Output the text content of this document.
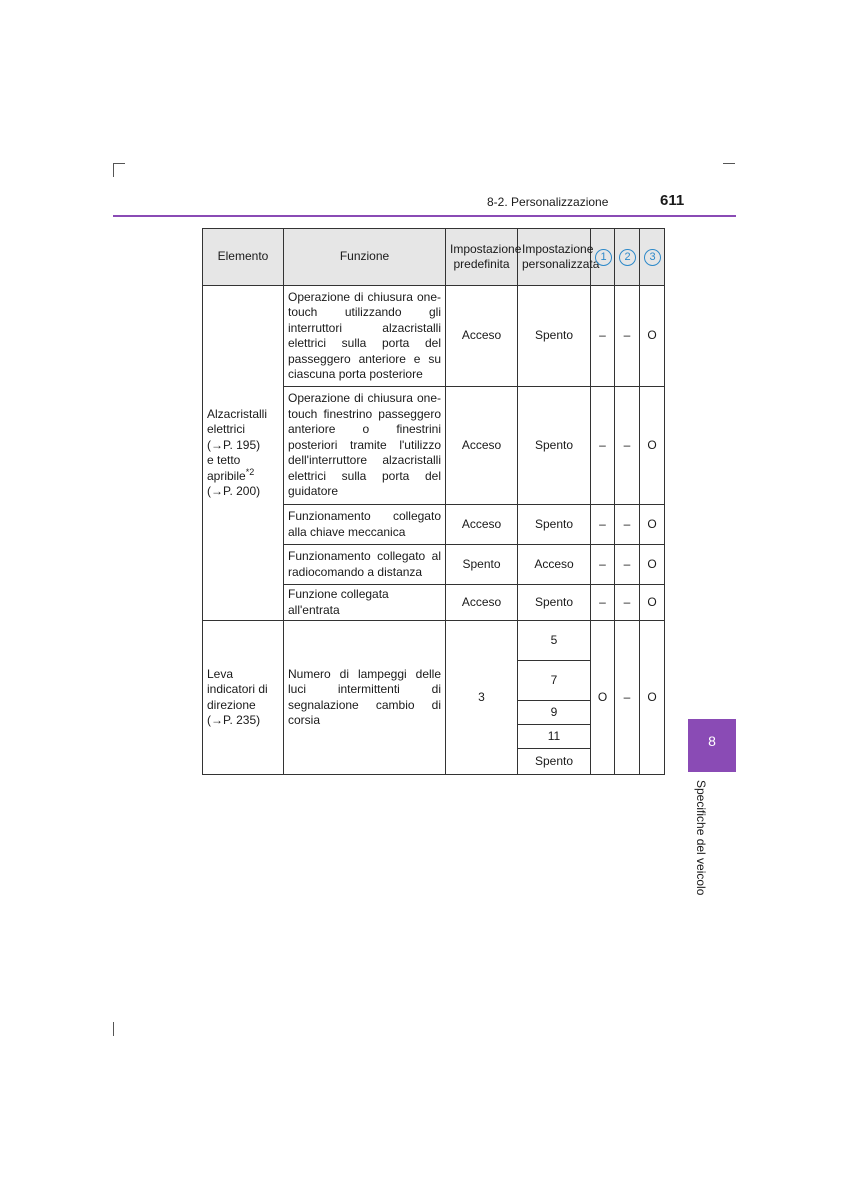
8-2. Personalizzazione	611
8
Specifiche del veicolo
Elemento	Funzione	Impostazione predefinita	Impostazione personalizzata	1	2	3

Alzacristalli elettrici
(→P. 195)
e tetto apribile$^{*2}$
(→P. 200)	Operazione di chiusura one-touch utilizzando gli interruttori alzacristalli elettrici sulla porta del passeggero anteriore e su ciascuna porta posteriore	Acceso	Spento	–	–	O
	Operazione di chiusura one-touch finestrino passeggero anteriore o finestrini posteriori tramite l'utilizzo dell'interruttore alzacristalli elettrici sulla porta del guidatore	Acceso	Spento	–	–	O
	Funzionamento collegato alla chiave meccanica	Acceso	Spento	–	–	O
	Funzionamento collegato al radiocomando a distanza	Spento	Acceso	–	–	O
	Funzione collegata all'entrata	Acceso	Spento	–	–	O

Leva indicatori di direzione
(→P. 235)	Numero di lampeggi delle luci intermittenti di segnalazione cambio di corsia	3	5	O	–	O
			7			
			9			
			11			
			Spento			
